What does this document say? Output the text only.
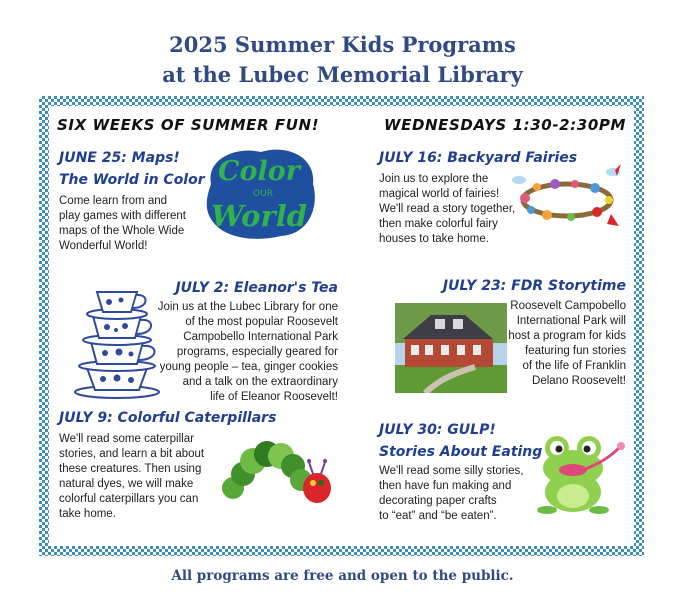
2025 Summer Kids Programs
at the Lubec Memorial Library
SIX WEEKS OF SUMMER FUN!	WEDNESDAYS 1:30-2:30PM
JUNE 25: Maps!
The World in Color
Come learn from and
play games with different
maps of the Whole Wide
Wonderful World!
Color
OUR
World
JULY 2: Eleanor's Tea
Join us at the Lubec Library for one
of the most popular Roosevelt
Campobello International Park
programs, especially geared for
young people – tea, ginger cookies
and a talk on the extraordinary
life of Eleanor Roosevelt!
JULY 9: Colorful Caterpillars
We'll read some caterpillar
stories, and learn a bit about
these creatures. Then using
natural dyes, we will make
colorful caterpillars you can
take home.
JULY 16: Backyard Fairies
Join us to explore the
magical world of fairies!
We'll read a story together,
then make colorful fairy
houses to take home.
JULY 23: FDR Storytime
Roosevelt Campobello
International Park will
host a program for kids
featuring fun stories
of the life of Franklin
Delano Roosevelt!
JULY 30: GULP!
Stories About Eating
We'll read some silly stories,
then have fun making and
decorating paper crafts
to “eat” and “be eaten”.
All programs are free and open to the public.
